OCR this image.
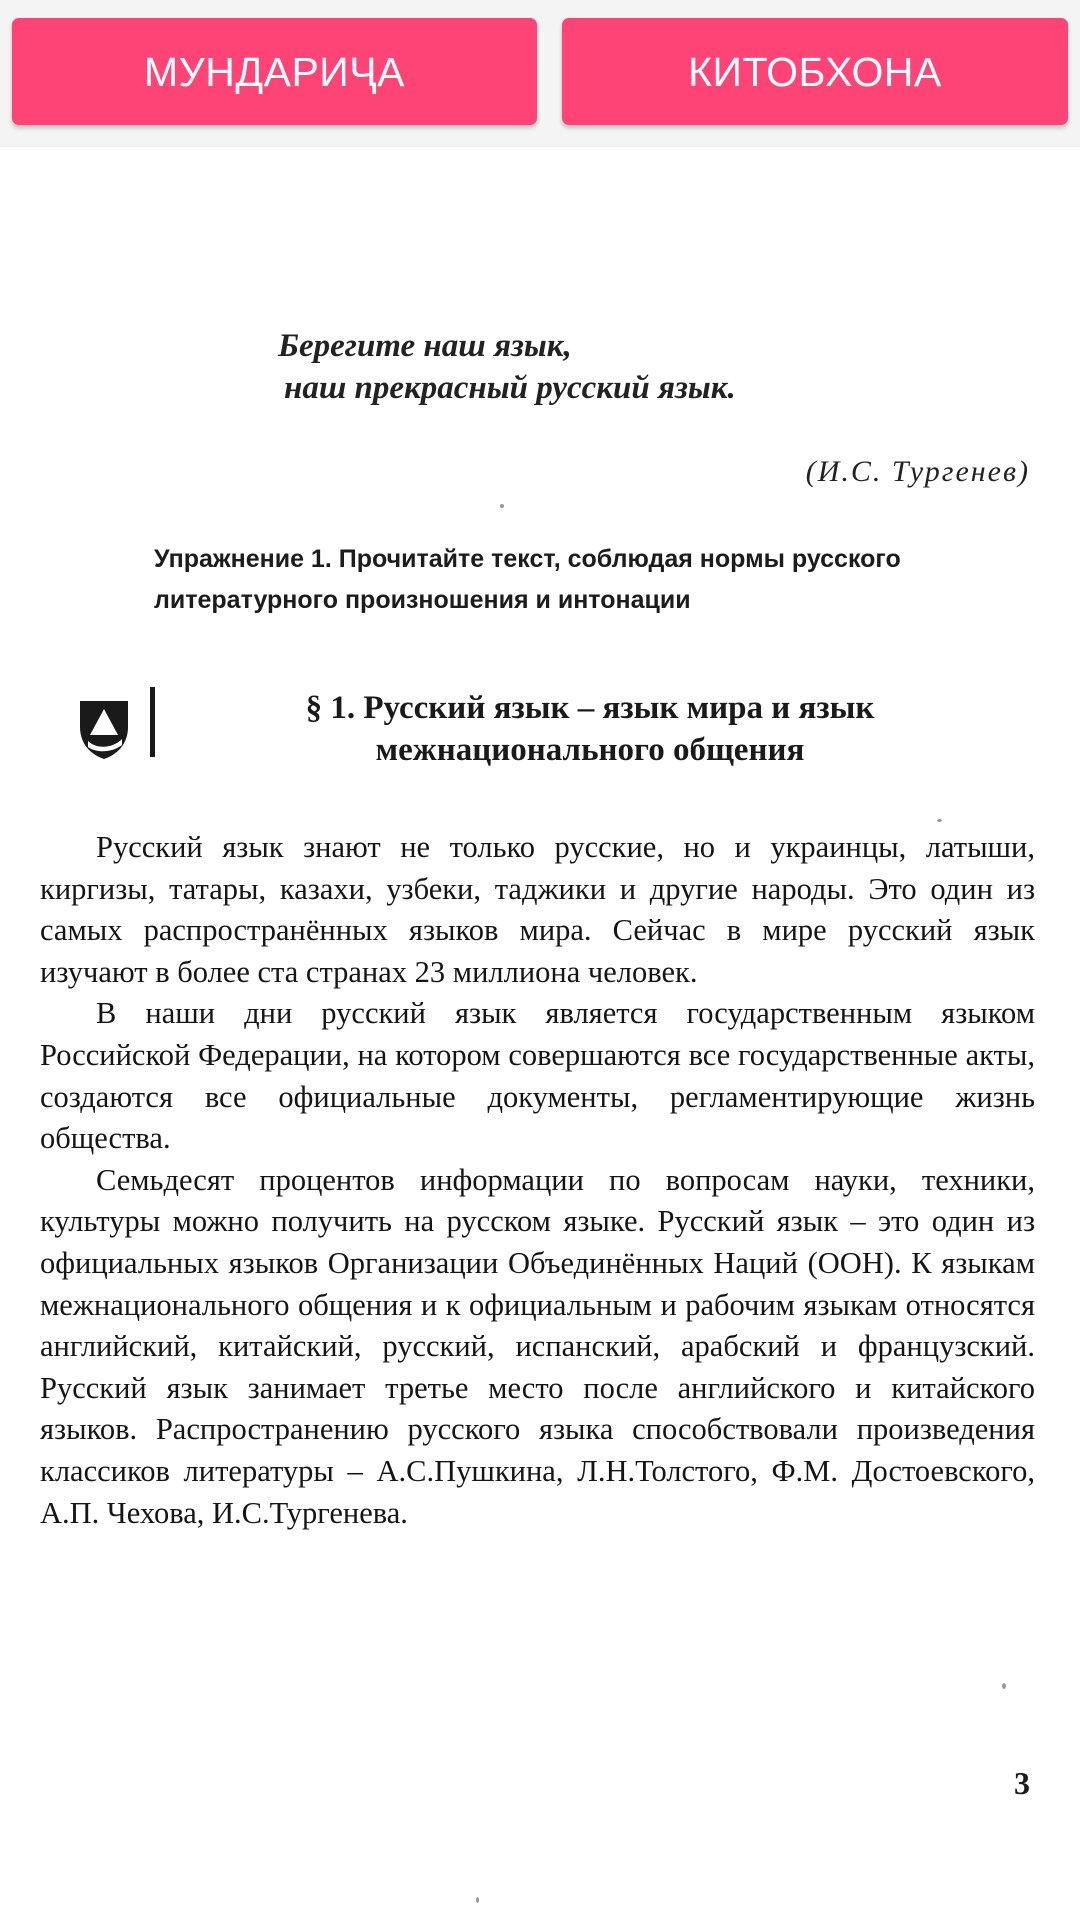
МУНДАРИҶА	КИТОБХОНА
Берегите наш язык,
наш прекрасный русский язык.
(И.С. Тургенев)
Упражнение 1. Прочитайте текст, соблюдая нормы русского литературного произношения и интонации
§ 1. Русский язык – язык мира и язык
межнационального общения

Русский язык знают не только русские, но и украинцы, латыши, киргизы, татары, казахи, узбеки, таджики и другие народы. Это один из самых распространённых языков мира. Сейчас в мире русский язык изучают в более ста странах 23 миллиона человек.

В наши дни русский язык является государственным языком Российской Федерации, на котором совершаются все государственные акты, создаются все официальные документы, регламентирующие жизнь общества.

Семьдесят процентов информации по вопросам науки, техники, культуры можно получить на русском языке. Русский язык – это один из официальных языков Организации Объединённых Наций (ООН). К языкам межнационального общения и к официальным и рабочим языкам относятся английский, китайский, русский, испанский, арабский и французский. Русский язык занимает третье место после английского и китайского языков. Распространению русского языка способствовали произведения классиков литературы – А.С.Пушкина, Л.Н.Толстого, Ф.М. Достоевского, А.П. Чехова, И.С.Тургенева.

3
